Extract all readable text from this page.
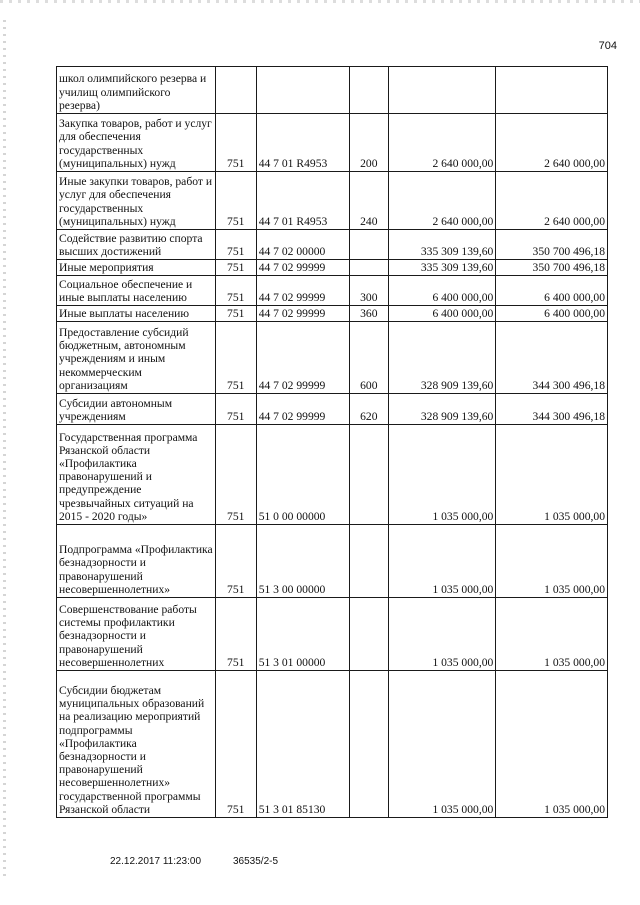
704
школ олимпийского резерва и училищ олимпийского резерва)					
Закупка товаров, работ и услуг для обеспечения государственных (муниципальных) нужд	751	44 7 01 R4953	200	2 640 000,00	2 640 000,00
Иные закупки товаров, работ и услуг для обеспечения государственных (муниципальных) нужд	751	44 7 01 R4953	240	2 640 000,00	2 640 000,00
Содействие развитию спорта высших достижений	751	44 7 02 00000		335 309 139,60	350 700 496,18
Иные мероприятия	751	44 7 02 99999		335 309 139,60	350 700 496,18
Социальное обеспечение и иные выплаты населению	751	44 7 02 99999	300	6 400 000,00	6 400 000,00
Иные выплаты населению	751	44 7 02 99999	360	6 400 000,00	6 400 000,00
Предоставление субсидий бюджетным, автономным учреждениям и иным некоммерческим организациям	751	44 7 02 99999	600	328 909 139,60	344 300 496,18
Субсидии автономным учреждениям	751	44 7 02 99999	620	328 909 139,60	344 300 496,18
Государственная программа Рязанской области «Профилактика правонарушений и предупреждение чрезвычайных ситуаций на 2015 - 2020 годы»	751	51 0 00 00000		1 035 000,00	1 035 000,00
Подпрограмма «Профилактика безнадзорности и правонарушений несовершеннолетних»	751	51 3 00 00000		1 035 000,00	1 035 000,00
Совершенствование работы системы профилактики безнадзорности и правонарушений несовершеннолетних	751	51 3 01 00000		1 035 000,00	1 035 000,00
Субсидии бюджетам муниципальных образований на реализацию мероприятий подпрограммы «Профилактика безнадзорности и правонарушений несовершеннолетних» государственной программы Рязанской области	751	51 3 01 85130		1 035 000,00	1 035 000,00
22.12.2017 11:23:00	36535/2-5
